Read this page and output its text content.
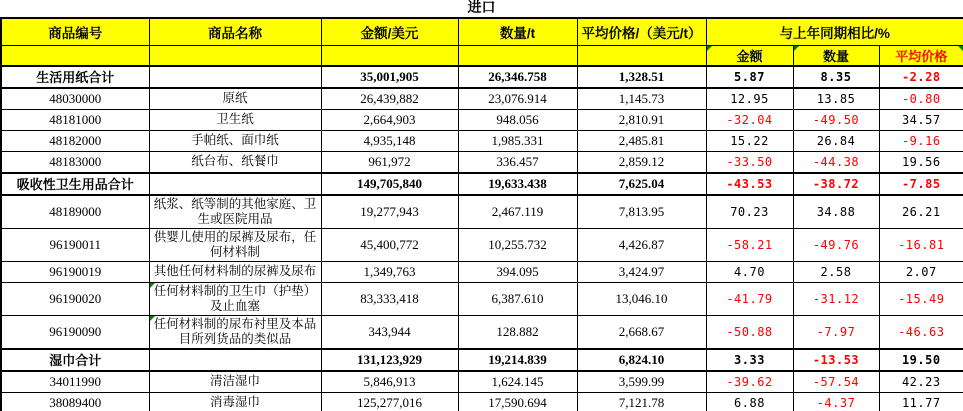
进口
商品编号	商品名称	金额/美元	数量/t	平均价格/（美元/t）	与上年同期相比/%		

金额	数量	平均价格
生活用纸合计		35,001,905	26,346.758	1,328.51	5.87	8.35	-2.28
48030000	原纸	26,439,882	23,076.914	1,145.73	12.95	13.85	-0.80
48181000	卫生纸	2,664,903	948.056	2,810.91	-32.04	-49.50	34.57
48182000	手帕纸、面巾纸	4,935,148	1,985.331	2,485.81	15.22	26.84	-9.16
48183000	纸台布、纸餐巾	961,972	336.457	2,859.12	-33.50	-44.38	19.56
吸收性卫生用品合计		149,705,840	19,633.438	7,625.04	-43.53	-38.72	-7.85
48189000	纸浆、纸等制的其他家庭、卫生或医院用品	19,277,943	2,467.119	7,813.95	70.23	34.88	26.21
96190011	供婴儿使用的尿裤及尿布，任何材料制	45,400,772	10,255.732	4,426.87	-58.21	-49.76	-16.81
96190019	其他任何材料制的尿裤及尿布	1,349,763	394.095	3,424.97	4.70	2.58	2.07
96190020	任何材料制的卫生巾（护垫）及止血塞	83,333,418	6,387.610	13,046.10	-41.79	-31.12	-15.49
96190090	任何材料制的尿布衬里及本品目所列货品的类似品	343,944	128.882	2,668.67	-50.88	-7.97	-46.63
湿巾合计		131,123,929	19,214.839	6,824.10	3.33	-13.53	19.50
34011990	清洁湿巾	5,846,913	1,624.145	3,599.99	-39.62	-57.54	42.23
38089400	消毒湿巾	125,277,016	17,590.694	7,121.78	6.88	-4.37	11.77
